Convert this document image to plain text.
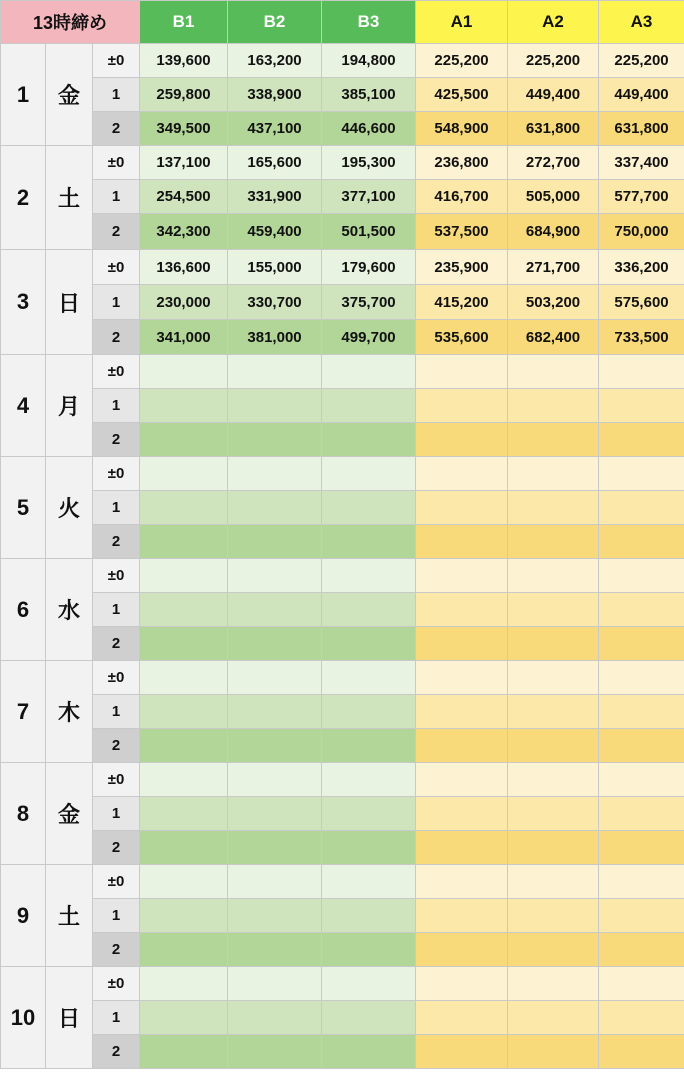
13時締め			B1	B2	B3	A1	A2	A3
1	金	±0	139,600	163,200	194,800	225,200	225,200	225,200
		1	259,800	338,900	385,100	425,500	449,400	449,400
		2	349,500	437,100	446,600	548,900	631,800	631,800
2	土	±0	137,100	165,600	195,300	236,800	272,700	337,400
		1	254,500	331,900	377,100	416,700	505,000	577,700
		2	342,300	459,400	501,500	537,500	684,900	750,000
3	日	±0	136,600	155,000	179,600	235,900	271,700	336,200
		1	230,000	330,700	375,700	415,200	503,200	575,600
		2	341,000	381,000	499,700	535,600	682,400	733,500
4	月	±0						
		1						
		2						
5	火	±0						
		1						
		2						
6	水	±0						
		1						
		2						
7	木	±0						
		1						
		2						
8	金	±0						
		1						
		2						
9	土	±0						
		1						
		2						
10	日	±0						
		1						
		2						
